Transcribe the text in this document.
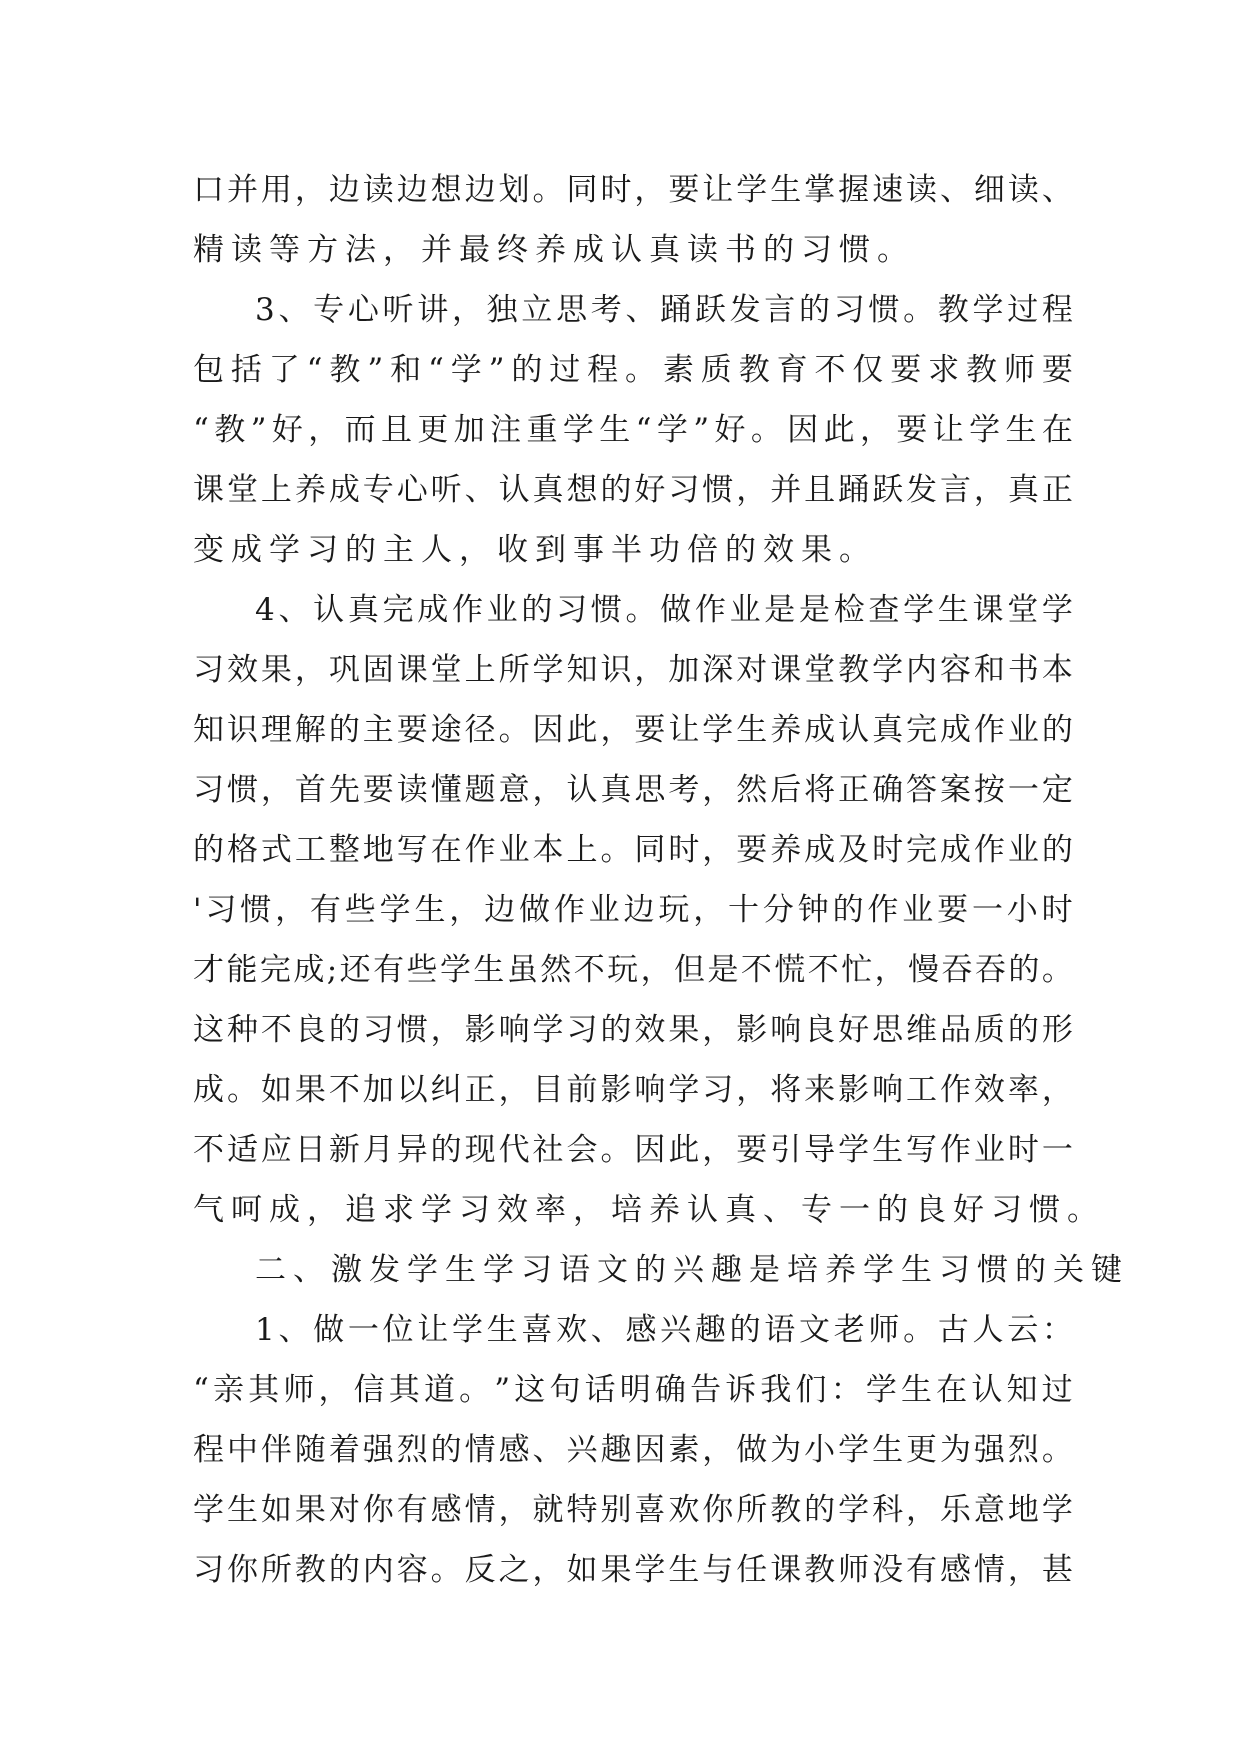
口 并 用 ， 边 读 边 想 边 划 。 同 时 ， 要 让 学 生 掌 握 速 读 、 细 读 、
精读等方法，并最终养成认真读书的习惯。
3 、 专 心 听 讲 ， 独 立 思 考 、 踊 跃 发 言 的 习 惯 。 教 学 过 程
包 括 了 “ 教 ” 和 “ 学 ” 的 过 程 。 素 质 教 育 不 仅 要 求 教 师 要
“ 教 ” 好 ， 而 且 更 加 注 重 学 生 “ 学 ” 好 。 因 此 ， 要 让 学 生 在
课 堂 上 养 成 专 心 听 、 认 真 想 的 好 习 惯 ， 并 且 踊 跃 发 言 ， 真 正
变成学习的主人，收到事半功倍的效果。
4 、 认 真 完 成 作 业 的 习 惯 。 做 作 业 是 是 检 查 学 生 课 堂 学
习 效 果 ， 巩 固 课 堂 上 所 学 知 识 ， 加 深 对 课 堂 教 学 内 容 和 书 本
知 识 理 解 的 主 要 途 径 。 因 此 ， 要 让 学 生 养 成 认 真 完 成 作 业 的
习 惯 ， 首 先 要 读 懂 题 意 ， 认 真 思 考 ， 然 后 将 正 确 答 案 按 一 定
的 格 式 工 整 地 写 在 作 业 本 上 。 同 时 ， 要 养 成 及 时 完 成 作 业 的
' 习 惯 ， 有 些 学 生 ， 边 做 作 业 边 玩 ， 十 分 钟 的 作 业 要 一 小 时
才 能 完 成 ; 还 有 些 学 生 虽 然 不 玩 ， 但 是 不 慌 不 忙 ， 慢 吞 吞 的 。
这 种 不 良 的 习 惯 ， 影 响 学 习 的 效 果 ， 影 响 良 好 思 维 品 质 的 形
成 。 如 果 不 加 以 纠 正 ， 目 前 影 响 学 习 ， 将 来 影 响 工 作 效 率 ，
不 适 应 日 新 月 异 的 现 代 社 会 。 因 此 ， 要 引 导 学 生 写 作 业 时 一
气呵成，追求学习效率，培养认真、专一的良好习惯。
二、激发学生学习语文的兴趣是培养学生习惯的关键
1 、 做 一 位 让 学 生 喜 欢 、 感 兴 趣 的 语 文 老 师 。 古 人 云 ：
“ 亲 其 师 ， 信 其 道 。 ” 这 句 话 明 确 告 诉 我 们 ： 学 生 在 认 知 过
程 中 伴 随 着 强 烈 的 情 感 、 兴 趣 因 素 ， 做 为 小 学 生 更 为 强 烈 。
学 生 如 果 对 你 有 感 情 ， 就 特 别 喜 欢 你 所 教 的 学 科 ， 乐 意 地 学
习 你 所 教 的 内 容 。 反 之 ， 如 果 学 生 与 任 课 教 师 没 有 感 情 ， 甚
